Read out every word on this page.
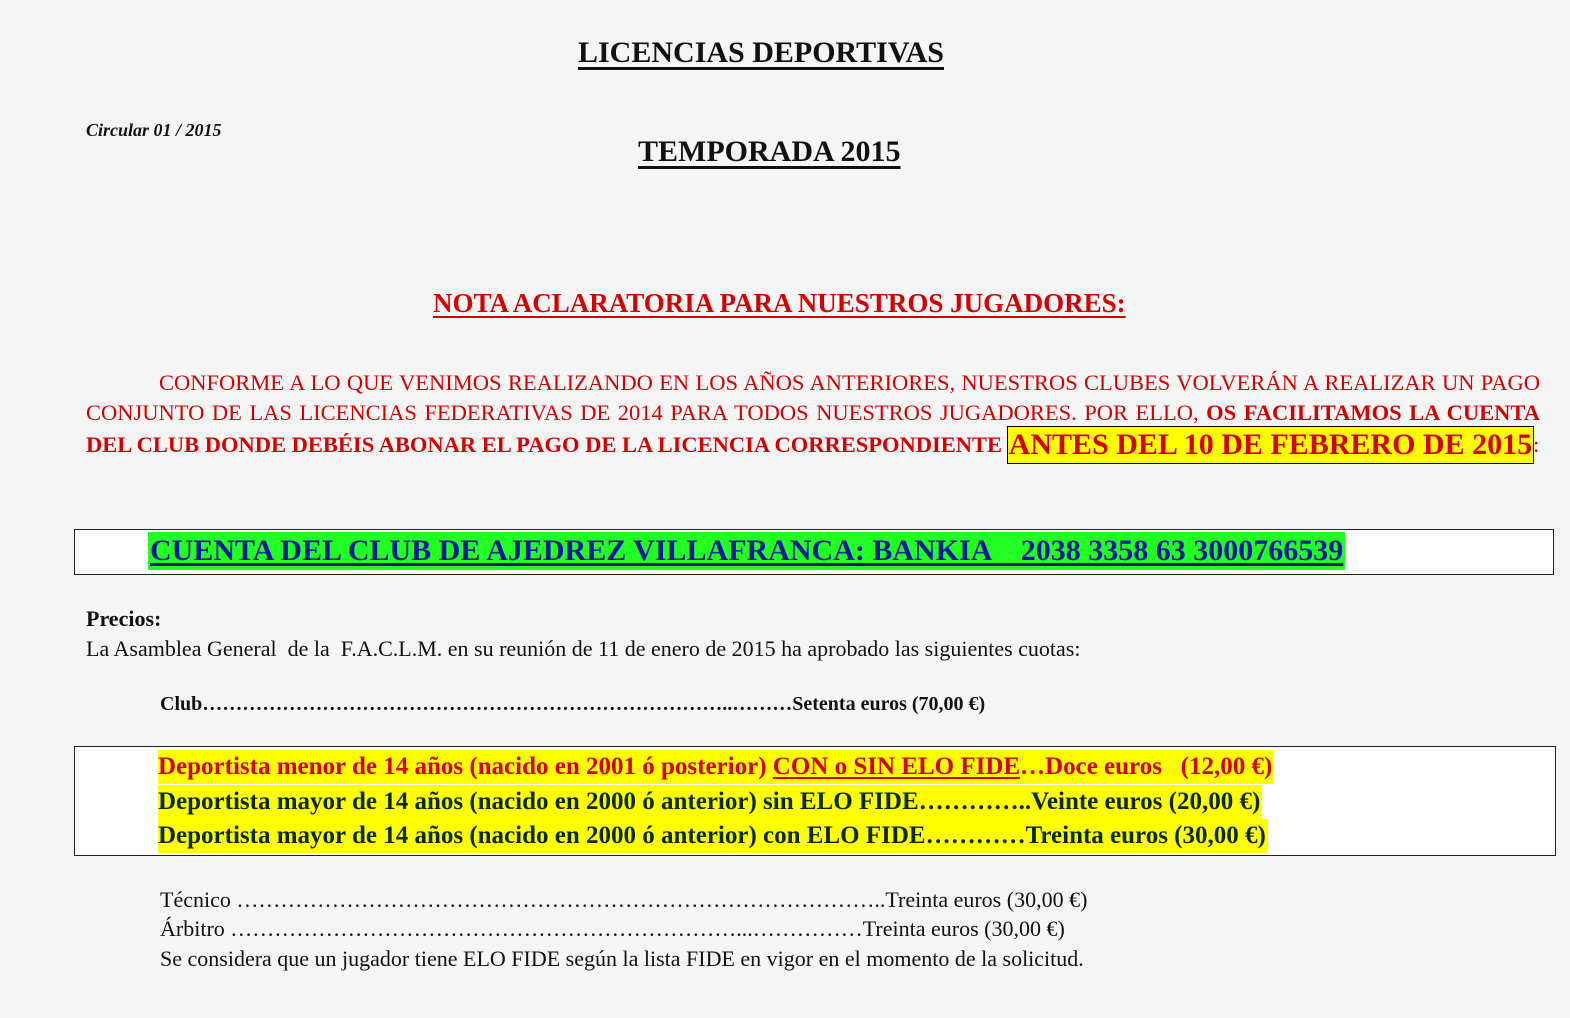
LICENCIAS DEPORTIVAS
Circular 01 / 2015
TEMPORADA 2015
NOTA ACLARATORIA PARA NUESTROS JUGADORES:
CONFORME A LO QUE VENIMOS REALIZANDO EN LOS AÑOS ANTERIORES, NUESTROS CLUBES VOLVERÁN A REALIZAR UN PAGO CONJUNTO DE LAS LICENCIAS FEDERATIVAS DE 2014 PARA TODOS NUESTROS JUGADORES. POR ELLO, OS FACILITAMOS LA CUENTA DEL CLUB DONDE DEBÉIS ABONAR EL PAGO DE LA LICENCIA CORRESPONDIENTE ANTES DEL 10 DE FEBRERO DE 2015:
CUENTA DEL CLUB DE AJEDREZ VILLAFRANCA: BANKIA    2038 3358 63 3000766539
Precios:
La Asamblea General  de la  F.A.C.L.M. en su reunión de 11 de enero de 2015 ha aprobado las siguientes cuotas:
Club……………………………………………………………………..………Setenta euros (70,00 €)
Deportista menor de 14 años (nacido en 2001 ó posterior) CON o SIN ELO FIDE…Doce euros   (12,00 €)
Deportista mayor de 14 años (nacido en 2000 ó anterior) sin ELO FIDE…………..Veinte euros (20,00 €)
Deportista mayor de 14 años (nacido en 2000 ó anterior) con ELO FIDE…………Treinta euros (30,00 €)
Técnico ……………………………………………………………………………..Treinta euros (30,00 €)
Árbitro ……………………………………………………………...……………Treinta euros (30,00 €)
Se considera que un jugador tiene ELO FIDE según la lista FIDE en vigor en el momento de la solicitud.
